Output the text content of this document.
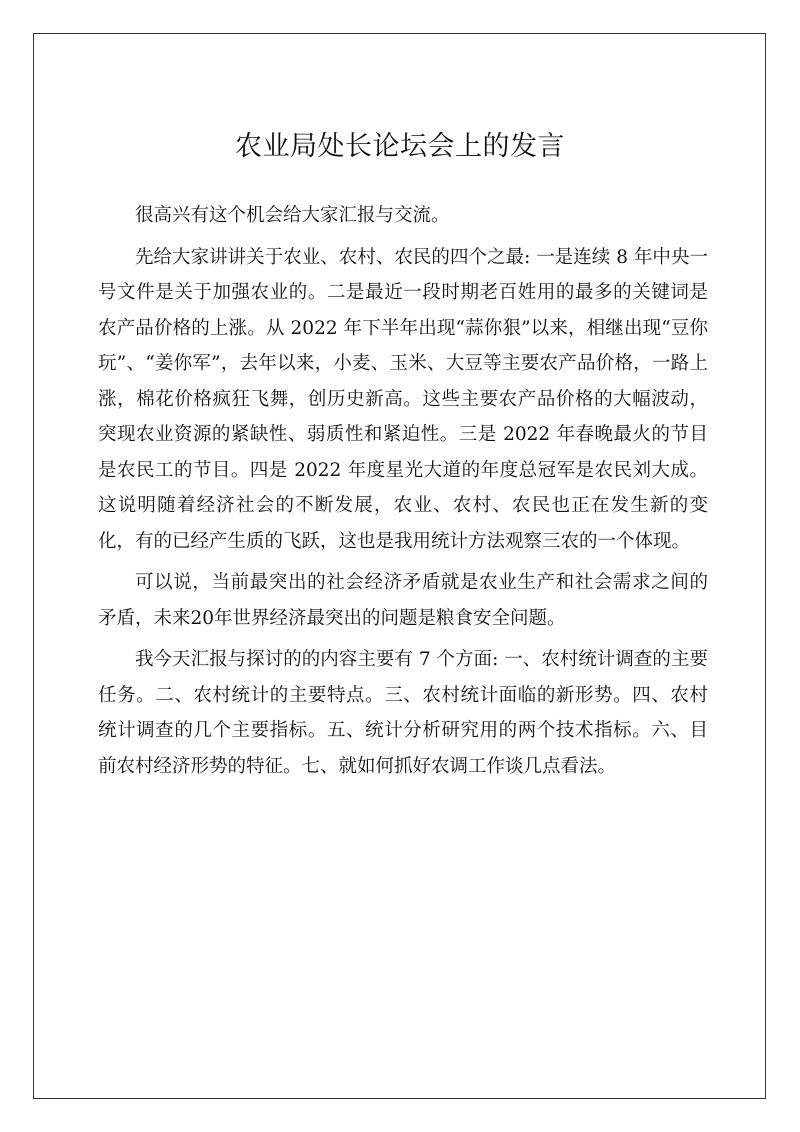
农业局处长论坛会上的发言

很高兴有这个机会给大家汇报与交流。

先给大家讲讲关于农业、农村、农民的四个之最: 一是连续 8 年中央一号文件是关于加强农业的。二是最近一段时期老百姓用的最多的关键词是农产品价格的上涨。从 2022 年下半年出现“蒜你狠”以来，相继出现“豆你玩”、“姜你军”，去年以来，小麦、玉米、大豆等主要农产品价格，一路上涨，棉花价格疯狂飞舞，创历史新高。这些主要农产品价格的大幅波动，突现农业资源的紧缺性、弱质性和紧迫性。三是 2022 年春晚最火的节目是农民工的节目。四是 2022 年度星光大道的年度总冠军是农民刘大成。这说明随着经济社会的不断发展，农业、农村、农民也正在发生新的变化，有的已经产生质的飞跃，这也是我用统计方法观察三农的一个体现。

可以说，当前最突出的社会经济矛盾就是农业生产和社会需求之间的矛盾，未来20年世界经济最突出的问题是粮食安全问题。

我今天汇报与探讨的的内容主要有 7 个方面: 一、农村统计调查的主要任务。二、农村统计的主要特点。三、农村统计面临的新形势。四、农村统计调查的几个主要指标。五、统计分析研究用的两个技术指标。六、目前农村经济形势的特征。七、就如何抓好农调工作谈几点看法。
